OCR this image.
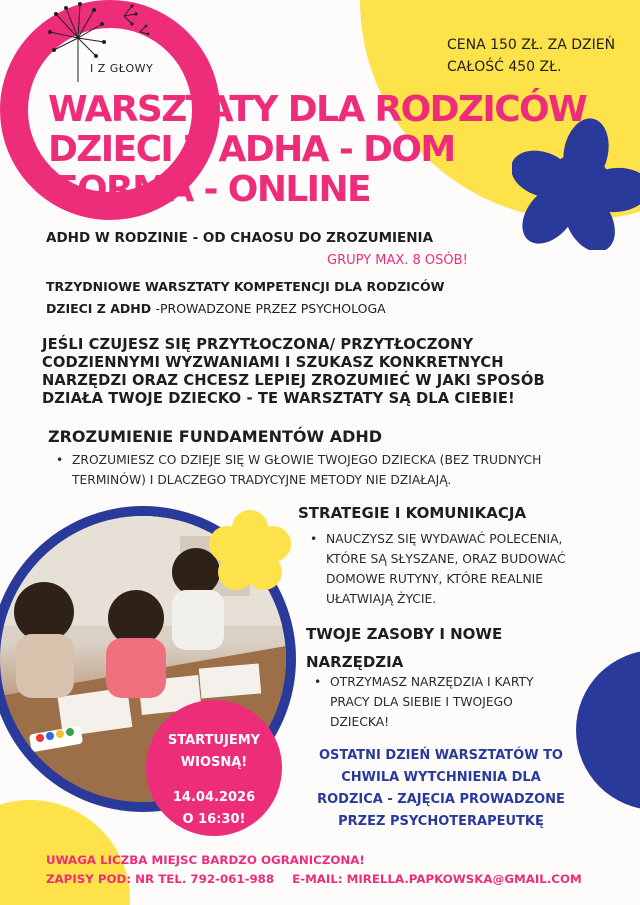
I Z GŁOWY
CENA 150 ZŁ. ZA DZIEŃ
CAŁOŚĆ 450 ZŁ.
WARSZTATY DLA RODZICÓW
DZIECI Z ADHA - DOM
FORMA - ONLINE
ADHD W RODZINIE - OD CHAOSU DO ZROZUMIENIA
GRUPY MAX. 8 OSÓB!
TRZYDNIOWE WARSZTATY KOMPETENCJI DLA RODZICÓW
DZIECI Z ADHD -PROWADZONE PRZEZ PSYCHOLOGA
JEŚLI CZUJESZ SIĘ PRZYTŁOCZONA/ PRZYTŁOCZONY
CODZIENNYMI WYZWANIAMI I SZUKASZ KONKRETNYCH
NARZĘDZI ORAZ CHCESZ LEPIEJ ZROZUMIEĆ W JAKI SPOSÓB
DZIAŁA TWOJE DZIECKO - TE WARSZTATY SĄ DLA CIEBIE!
ZROZUMIENIE FUNDAMENTÓW ADHD
• ZROZUMIESZ CO DZIEJE SIĘ W GŁOWIE TWOJEGO DZIECKA (BEZ TRUDNYCH
TERMINÓW) I DLACZEGO TRADYCYJNE METODY NIE DZIAŁAJĄ.
STRATEGIE I KOMUNIKACJA
• NAUCZYSZ SIĘ WYDAWAĆ POLECENIA,
KTÓRE SĄ SŁYSZANE, ORAZ BUDOWAĆ
DOMOWE RUTYNY, KTÓRE REALNIE
UŁATWIAJĄ ŻYCIE.
TWOJE ZASOBY I NOWE
NARZĘDZIA
• OTRZYMASZ NARZĘDZIA I KARTY
PRACY DLA SIEBIE I TWOJEGO
DZIECKA!
OSTATNI DZIEŃ WARSZTATÓW TO
CHWILA WYTCHNIENIA DLA
RODZICA - ZAJĘCIA PROWADZONE
PRZEZ PSYCHOTERAPEUTKĘ
STARTUJEMY
WIOSNĄ!
14.04.2026
O 16:30!
UWAGA LICZBA MIEJSC BARDZO OGRANICZONA!
ZAPISY POD: NR TEL. 792-061-988 E-MAIL: MIRELLA.PAPKOWSKA@GMAIL.COM
